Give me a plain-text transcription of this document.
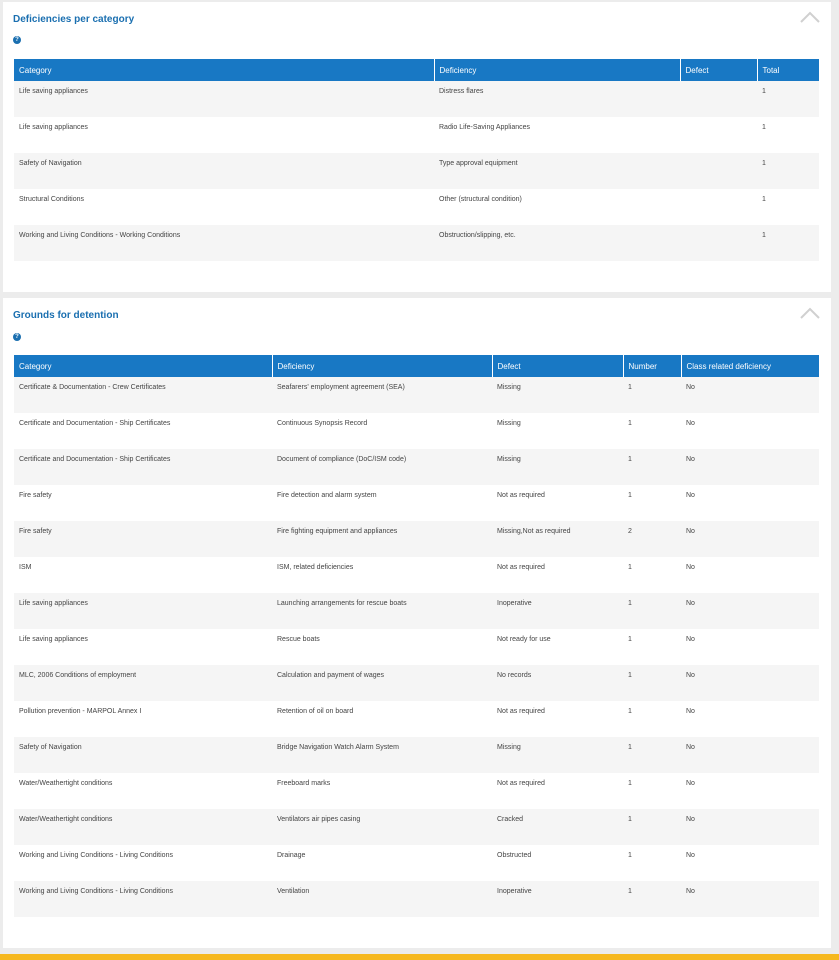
Deficiencies per category
?
Category	Deficiency	Defect	Total
Life saving appliances	Distress flares		1
Life saving appliances	Radio Life-Saving Appliances		1
Safety of Navigation	Type approval equipment		1
Structural Conditions	Other (structural condition)		1
Working and Living Conditions - Working Conditions	Obstruction/slipping, etc.		1
Grounds for detention
?
Category	Deficiency	Defect	Number	Class related deficiency
Certificate & Documentation - Crew Certificates	Seafarers' employment agreement (SEA)	Missing	1	No
Certificate and Documentation - Ship Certificates	Continuous Synopsis Record	Missing	1	No
Certificate and Documentation - Ship Certificates	Document of compliance (DoC/ISM code)	Missing	1	No
Fire safety	Fire detection and alarm system	Not as required	1	No
Fire safety	Fire fighting equipment and appliances	Missing,Not as required	2	No
ISM	ISM, related deficiencies	Not as required	1	No
Life saving appliances	Launching arrangements for rescue boats	Inoperative	1	No
Life saving appliances	Rescue boats	Not ready for use	1	No
MLC, 2006 Conditions of employment	Calculation and payment of wages	No records	1	No
Pollution prevention - MARPOL Annex I	Retention of oil on board	Not as required	1	No
Safety of Navigation	Bridge Navigation Watch Alarm System	Missing	1	No
Water/Weathertight conditions	Freeboard marks	Not as required	1	No
Water/Weathertight conditions	Ventilators air pipes casing	Cracked	1	No
Working and Living Conditions - Living Conditions	Drainage	Obstructed	1	No
Working and Living Conditions - Living Conditions	Ventilation	Inoperative	1	No
